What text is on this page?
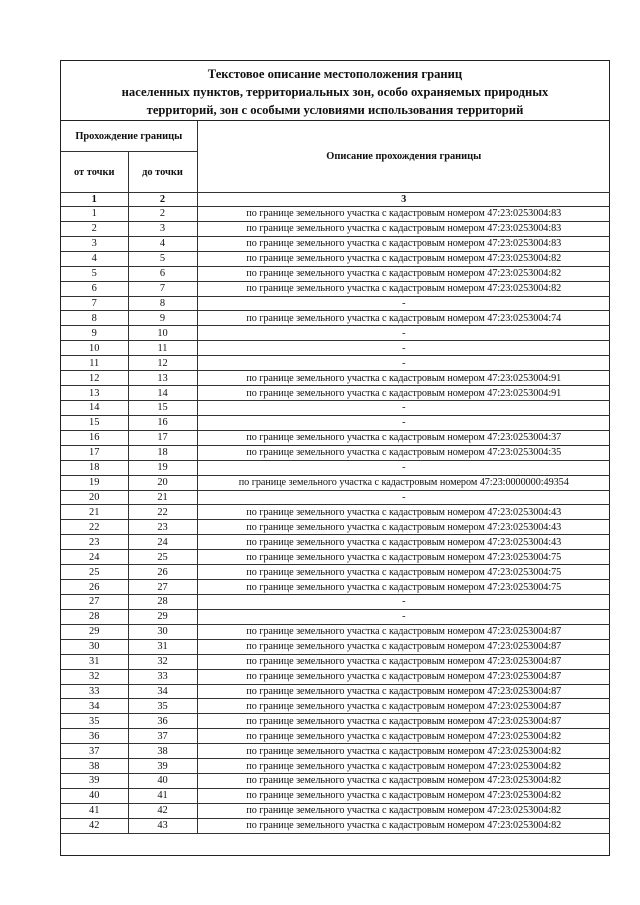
Текстовое описание местоположения границ
населенных пунктов, территориальных зон, особо охраняемых природных
территорий, зон с особыми условиями использования территорий
Прохождение границы		Описание прохождения границы
от точки	до точки	
1	2	3
1	2	по границе земельного участка с кадастровым номером 47:23:0253004:83
2	3	по границе земельного участка с кадастровым номером 47:23:0253004:83
3	4	по границе земельного участка с кадастровым номером 47:23:0253004:83
4	5	по границе земельного участка с кадастровым номером 47:23:0253004:82
5	6	по границе земельного участка с кадастровым номером 47:23:0253004:82
6	7	по границе земельного участка с кадастровым номером 47:23:0253004:82
7	8	-
8	9	по границе земельного участка с кадастровым номером 47:23:0253004:74
9	10	-
10	11	-
11	12	-
12	13	по границе земельного участка с кадастровым номером 47:23:0253004:91
13	14	по границе земельного участка с кадастровым номером 47:23:0253004:91
14	15	-
15	16	-
16	17	по границе земельного участка с кадастровым номером 47:23:0253004:37
17	18	по границе земельного участка с кадастровым номером 47:23:0253004:35
18	19	-
19	20	по границе земельного участка с кадастровым номером 47:23:0000000:49354
20	21	-
21	22	по границе земельного участка с кадастровым номером 47:23:0253004:43
22	23	по границе земельного участка с кадастровым номером 47:23:0253004:43
23	24	по границе земельного участка с кадастровым номером 47:23:0253004:43
24	25	по границе земельного участка с кадастровым номером 47:23:0253004:75
25	26	по границе земельного участка с кадастровым номером 47:23:0253004:75
26	27	по границе земельного участка с кадастровым номером 47:23:0253004:75
27	28	-
28	29	-
29	30	по границе земельного участка с кадастровым номером 47:23:0253004:87
30	31	по границе земельного участка с кадастровым номером 47:23:0253004:87
31	32	по границе земельного участка с кадастровым номером 47:23:0253004:87
32	33	по границе земельного участка с кадастровым номером 47:23:0253004:87
33	34	по границе земельного участка с кадастровым номером 47:23:0253004:87
34	35	по границе земельного участка с кадастровым номером 47:23:0253004:87
35	36	по границе земельного участка с кадастровым номером 47:23:0253004:87
36	37	по границе земельного участка с кадастровым номером 47:23:0253004:82
37	38	по границе земельного участка с кадастровым номером 47:23:0253004:82
38	39	по границе земельного участка с кадастровым номером 47:23:0253004:82
39	40	по границе земельного участка с кадастровым номером 47:23:0253004:82
40	41	по границе земельного участка с кадастровым номером 47:23:0253004:82
41	42	по границе земельного участка с кадастровым номером 47:23:0253004:82
42	43	по границе земельного участка с кадастровым номером 47:23:0253004:82
